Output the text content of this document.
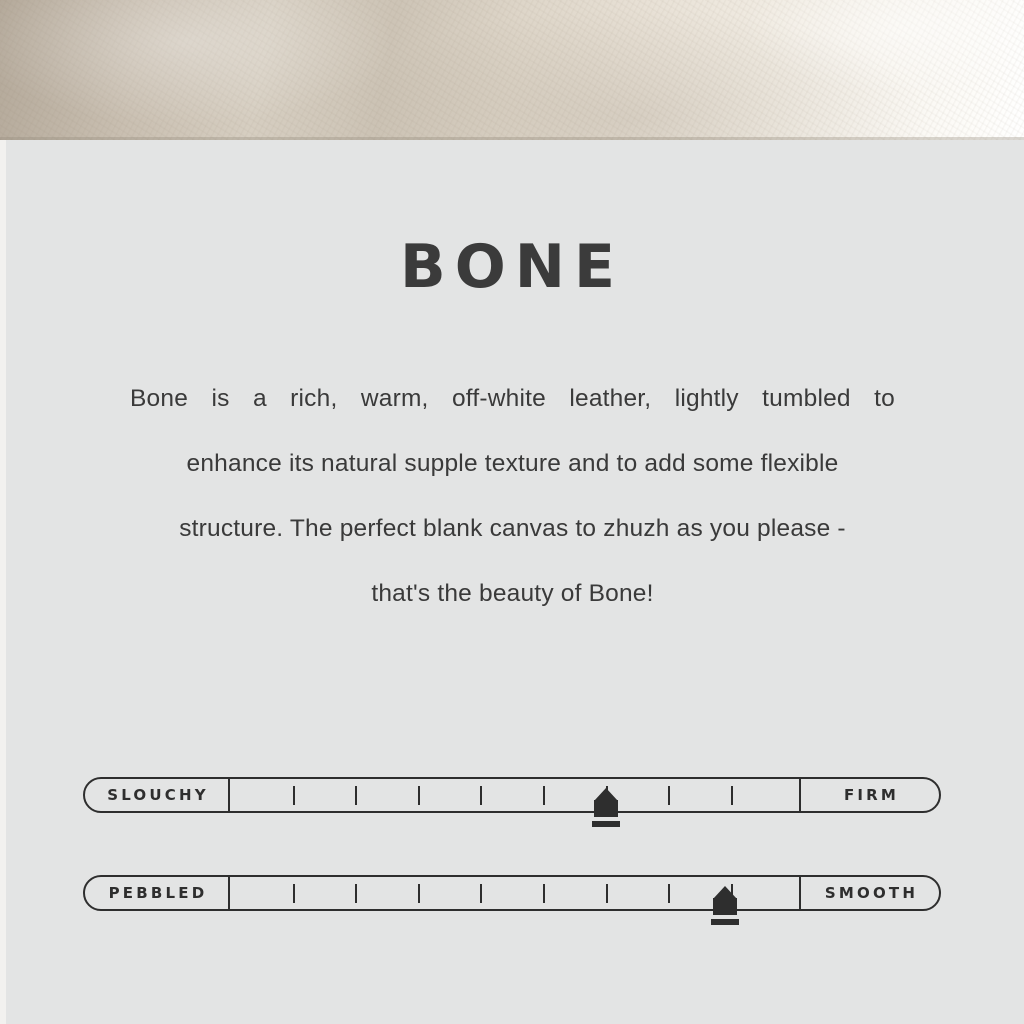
BONE
Bone is a rich, warm, off-white leather, lightly tumbled to
enhance its natural supple texture and to add some flexible
structure. The perfect blank canvas to zhuzh as you please -
that's the beauty of Bone!
SLOUCHY	FIRM
PEBBLED	SMOOTH
